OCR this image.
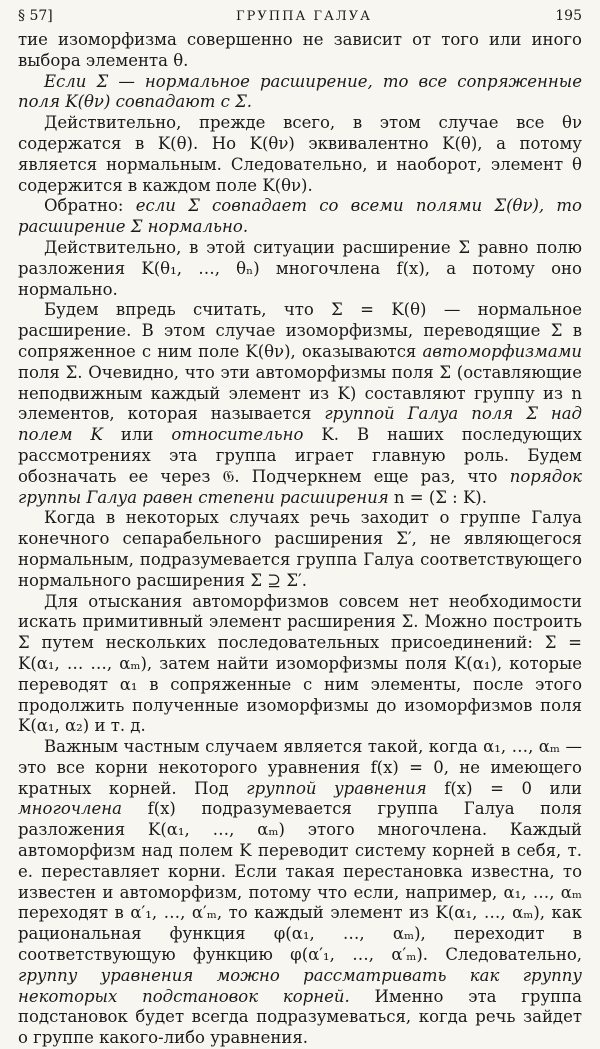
§ 57]	ГРУППА ГАЛУА	195

тие изоморфизма совершенно не зависит от того или иного выбора элемента θ.

Если Σ — нормальное расширение, то все сопряженные поля K(θν) совпадают с Σ.

Действительно, прежде всего, в этом случае все θν содержатся в K(θ). Но K(θν) эквивалентно K(θ), а потому является нормальным. Следовательно, и наоборот, элемент θ содержится в каждом поле K(θν).

Обратно: если Σ совпадает со всеми полями Σ(θν), то расширение Σ нормально.

Действительно, в этой ситуации расширение Σ равно полю разложения K(θ₁, …, θₙ) многочлена f(x), а потому оно нормально.

Будем впредь считать, что Σ = K(θ) — нормальное расширение. В этом случае изоморфизмы, переводящие Σ в сопряженное с ним поле K(θν), оказываются автоморфизмами поля Σ. Очевидно, что эти автоморфизмы поля Σ (оставляющие неподвижным каждый элемент из K) составляют группу из n элементов, которая называется группой Галуа поля Σ над полем K или относительно K. В наших последующих рассмотрениях эта группа играет главную роль. Будем обозначать ее через 𝔊. Подчеркнем еще раз, что порядок группы Галуа равен степени расширения n = (Σ : K).

Когда в некоторых случаях речь заходит о группе Галуа конечного сепарабельного расширения Σ′, не являющегося нормальным, подразумевается группа Галуа соответствующего нормального расширения Σ ⊇ Σ′.

Для отыскания автоморфизмов совсем нет необходимости искать примитивный элемент расширения Σ. Можно построить Σ путем нескольких последовательных присоединений: Σ = K(α₁, … …, αₘ), затем найти изоморфизмы поля K(α₁), которые переводят α₁ в сопряженные с ним элементы, после этого продолжить полученные изоморфизмы до изоморфизмов поля K(α₁, α₂) и т. д.

Важным частным случаем является такой, когда α₁, …, αₘ — это все корни некоторого уравнения f(x) = 0, не имеющего кратных корней. Под группой уравнения f(x) = 0 или многочлена f(x) подразумевается группа Галуа поля разложения K(α₁, …, αₘ) этого многочлена. Каждый автоморфизм над полем K переводит систему корней в себя, т. е. переставляет корни. Если такая перестановка известна, то известен и автоморфизм, потому что если, например, α₁, …, αₘ переходят в α′₁, …, α′ₘ, то каждый элемент из K(α₁, …, αₘ), как рациональная функция φ(α₁, …, αₘ), переходит в соответствующую функцию φ(α′₁, …, α′ₘ). Следовательно, группу уравнения можно рассматривать как группу некоторых подстановок корней. Именно эта группа подстановок будет всегда подразумеваться, когда речь зайдет о группе какого-либо уравнения.
